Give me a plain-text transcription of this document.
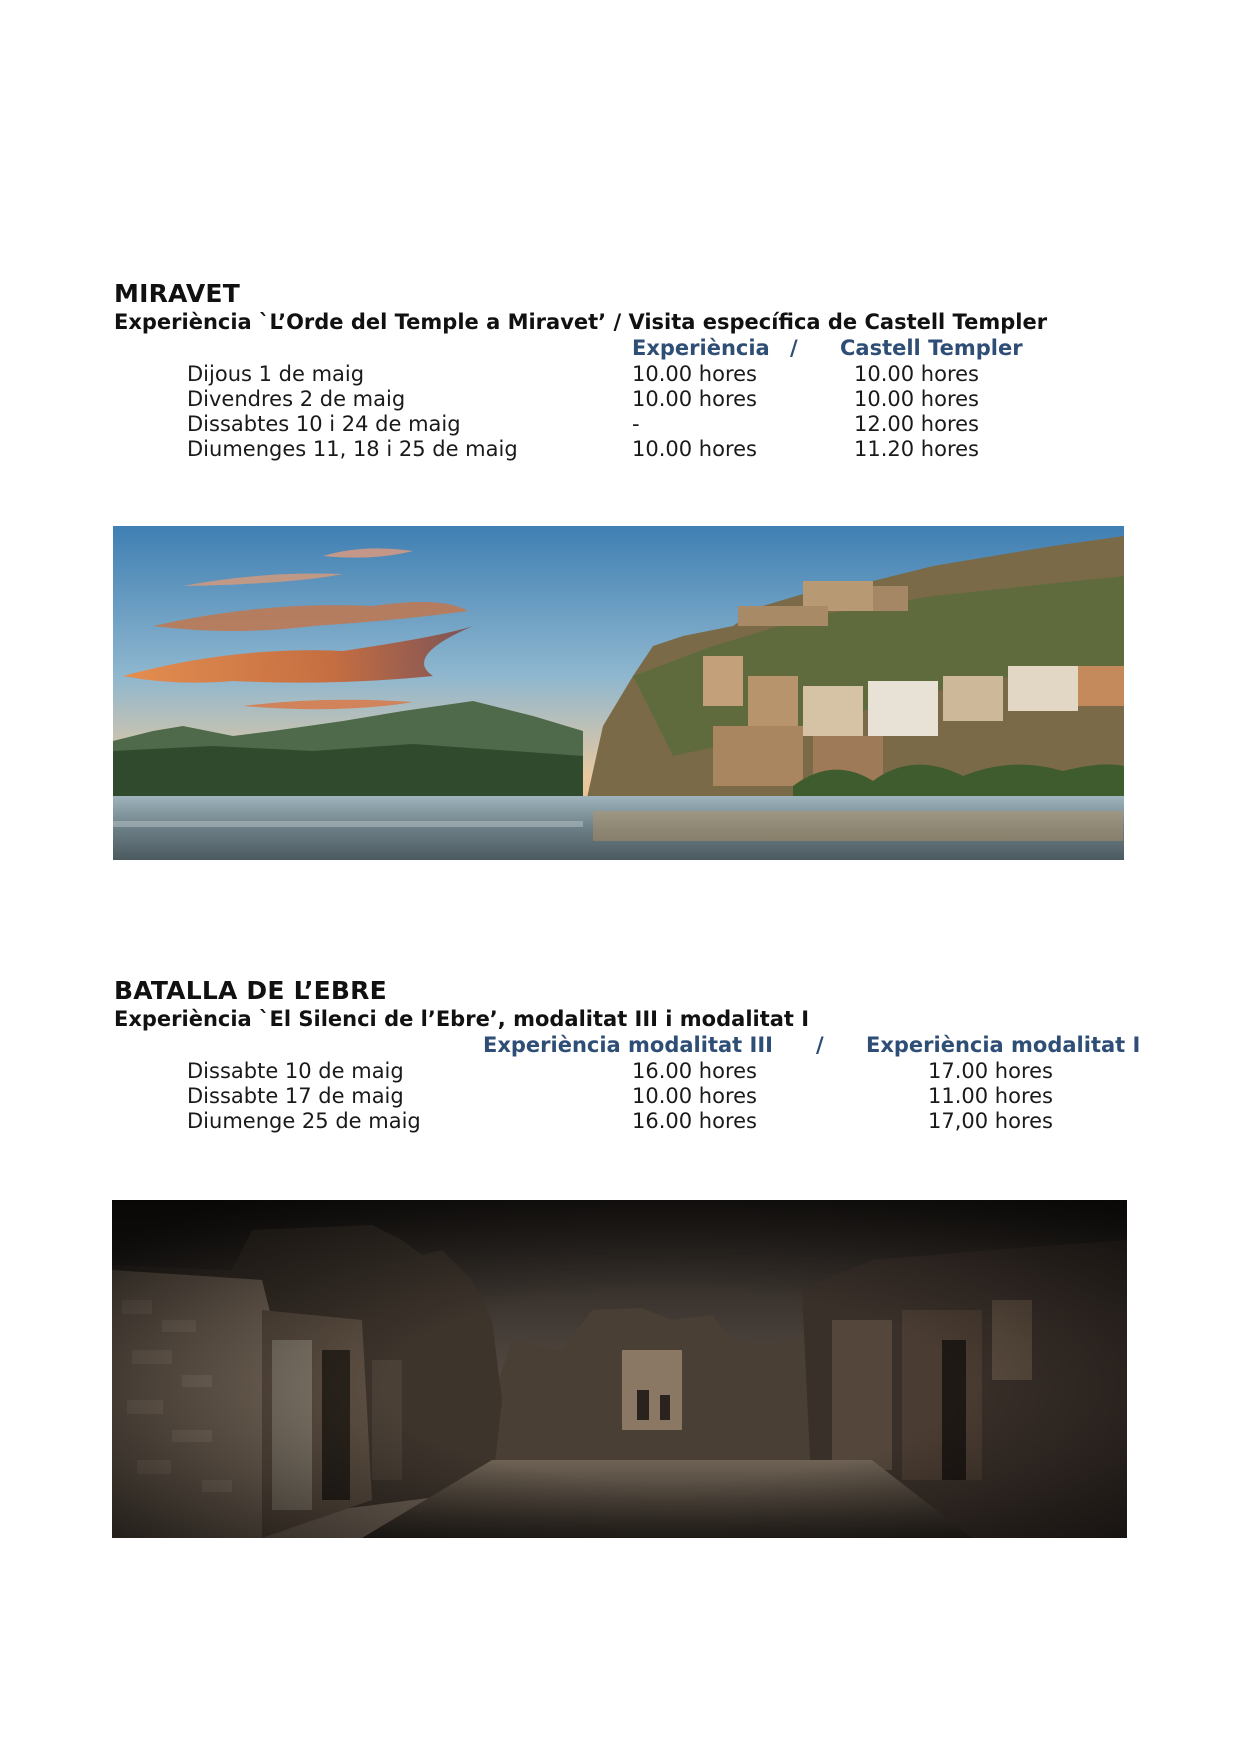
MIRAVET
Experiència `L’Orde del Temple a Miravet’ / Visita específica de Castell Templer
Experiència / Castell Templer
Dijous 1 de maig	10.00 hores	10.00 hores
Divendres 2 de maig	10.00 hores	10.00 hores
Dissabtes 10 i 24 de maig	-	12.00 hores
Diumenges 11, 18 i 25 de maig	10.00 hores	11.20 hores
BATALLA DE L’EBRE
Experiència `El Silenci de l’Ebre’, modalitat III i modalitat I
Experiència modalitat III / Experiència modalitat I
Dissabte 10 de maig	16.00 hores	17.00 hores
Dissabte 17 de maig	10.00 hores	11.00 hores
Diumenge 25 de maig	16.00 hores	17,00 hores
